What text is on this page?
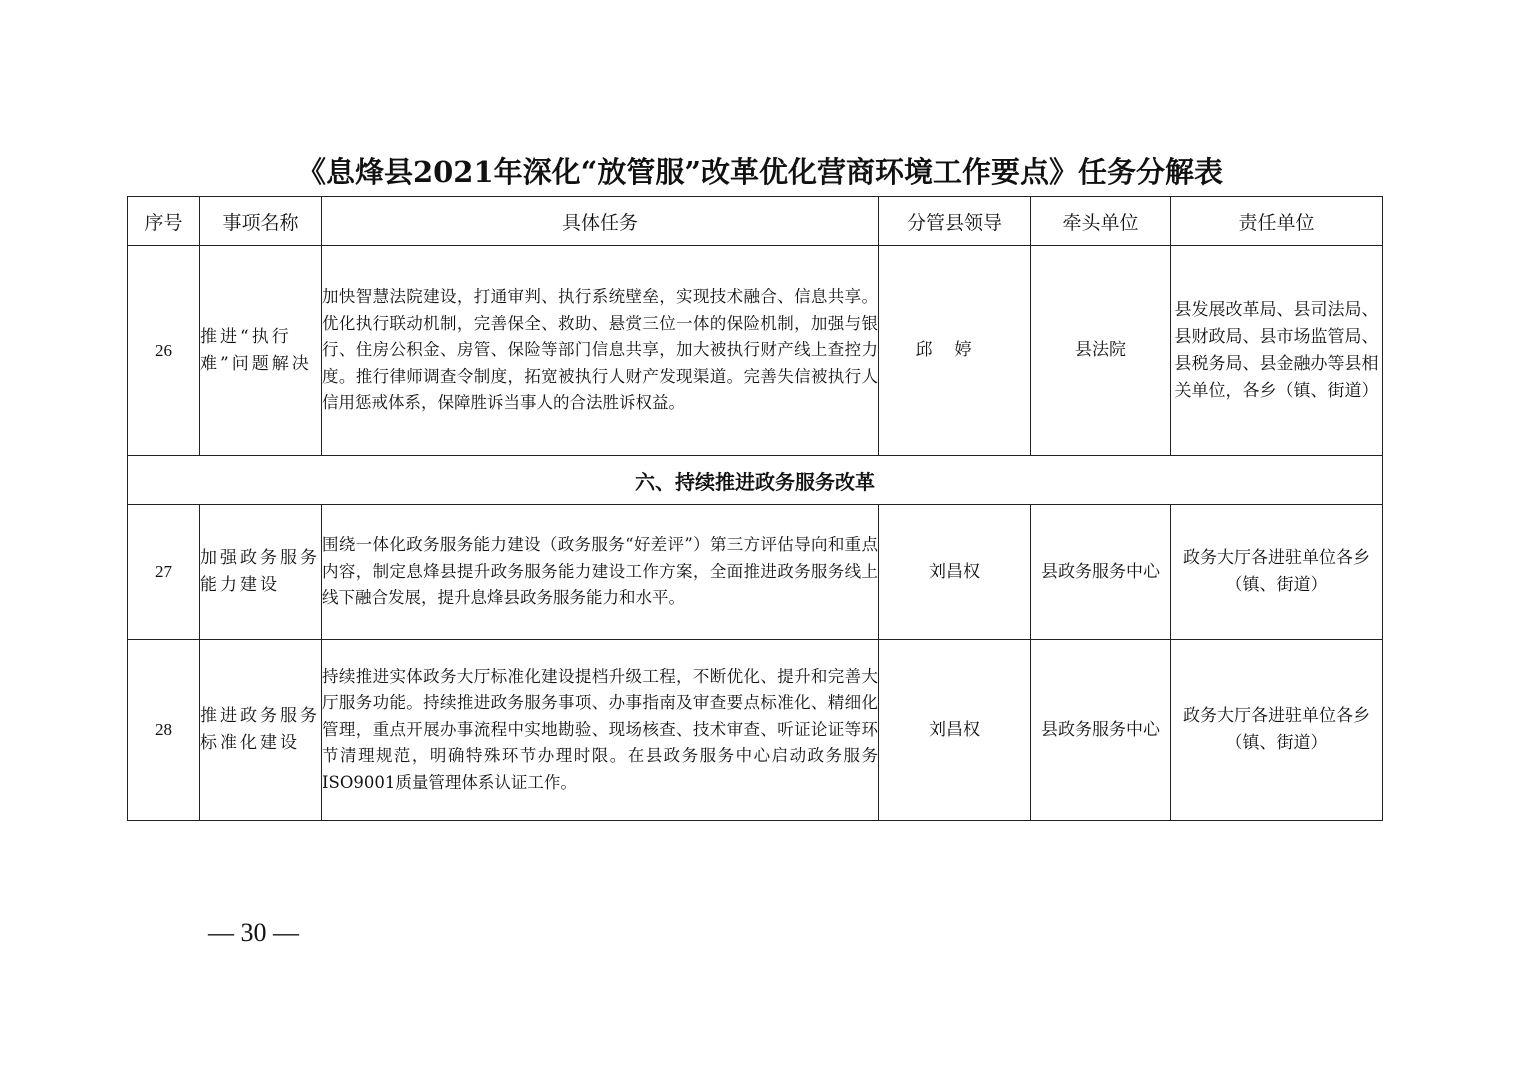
《息烽县2021年深化“放管服”改革优化营商环境工作要点》任务分解表
序号	事项名称	具体任务	分管县领导	牵头单位	责任单位
26	推进“执行难”问题解决	加快智慧法院建设，打通审判、执行系统壁垒，实现技术融合、信息共享。优化执行联动机制，完善保全、救助、悬赏三位一体的保险机制，加强与银行、住房公积金、房管、保险等部门信息共享，加大被执行财产线上查控力度。推行律师调查令制度，拓宽被执行人财产发现渠道。完善失信被执行人信用惩戒体系，保障胜诉当事人的合法胜诉权益。	邱婷	县法院	县发展改革局、县司法局、县财政局、县市场监管局、县税务局、县金融办等县相关单位，各乡（镇、街道）
六、持续推进政务服务改革					
27	加强政务服务能力建设	围绕一体化政务服务能力建设（政务服务“好差评”）第三方评估导向和重点内容，制定息烽县提升政务服务能力建设工作方案，全面推进政务服务线上线下融合发展，提升息烽县政务服务能力和水平。	刘昌权	县政务服务中心	政务大厅各进驻单位各乡（镇、街道）
28	推进政务服务标准化建设	持续推进实体政务大厅标准化建设提档升级工程，不断优化、提升和完善大厅服务功能。持续推进政务服务事项、办事指南及审查要点标准化、精细化管理，重点开展办事流程中实地勘验、现场核查、技术审查、听证论证等环节清理规范，明确特殊环节办理时限。在县政务服务中心启动政务服务ISO9001质量管理体系认证工作。	刘昌权	县政务服务中心	政务大厅各进驻单位各乡（镇、街道）
— 30 —
